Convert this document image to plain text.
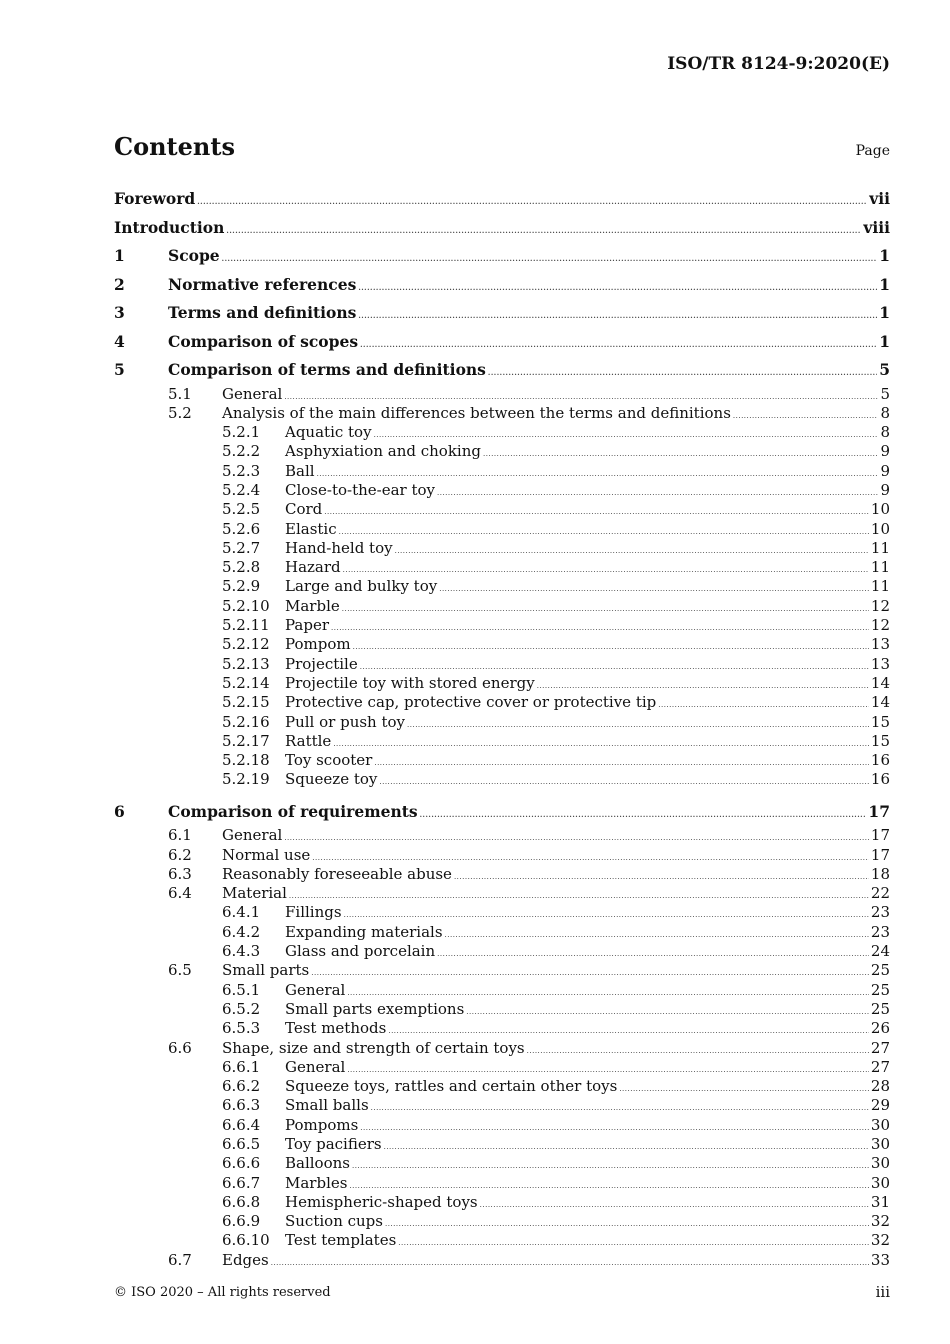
ISO/TR 8124-9:2020(E)
Contents	Page
Foreword .....	vii
Introduction .....	viii
1	Scope .....	1
2	Normative references .....	1
3	Terms and definitions .....	1
4	Comparison of scopes .....	1
5	Comparison of terms and definitions .....	5
5.1	General .....	5
5.2	Analysis of the main differences between the terms and definitions .....	8
5.2.1	Aquatic toy .....	8
5.2.2	Asphyxiation and choking .....	9
5.2.3	Ball .....	9
5.2.4	Close-to-the-ear toy .....	9
5.2.5	Cord .....	10
5.2.6	Elastic .....	10
5.2.7	Hand-held toy .....	11
5.2.8	Hazard .....	11
5.2.9	Large and bulky toy .....	11
5.2.10	Marble .....	12
5.2.11	Paper .....	12
5.2.12	Pompom .....	13
5.2.13	Projectile .....	13
5.2.14	Projectile toy with stored energy .....	14
5.2.15	Protective cap, protective cover or protective tip .....	14
5.2.16	Pull or push toy .....	15
5.2.17	Rattle .....	15
5.2.18	Toy scooter .....	16
5.2.19	Squeeze toy .....	16
6	Comparison of requirements .....	17
6.1	General .....	17
6.2	Normal use .....	17
6.3	Reasonably foreseeable abuse .....	18
6.4	Material .....	22
6.4.1	Fillings .....	23
6.4.2	Expanding materials .....	23
6.4.3	Glass and porcelain .....	24
6.5	Small parts .....	25
6.5.1	General .....	25
6.5.2	Small parts exemptions .....	25
6.5.3	Test methods .....	26
6.6	Shape, size and strength of certain toys .....	27
6.6.1	General .....	27
6.6.2	Squeeze toys, rattles and certain other toys .....	28
6.6.3	Small balls .....	29
6.6.4	Pompoms .....	30
6.6.5	Toy pacifiers .....	30
6.6.6	Balloons .....	30
6.6.7	Marbles .....	30
6.6.8	Hemispheric-shaped toys .....	31
6.6.9	Suction cups .....	32
6.6.10	Test templates .....	32
6.7	Edges .....	33
© ISO 2020 – All rights reserved	iii
